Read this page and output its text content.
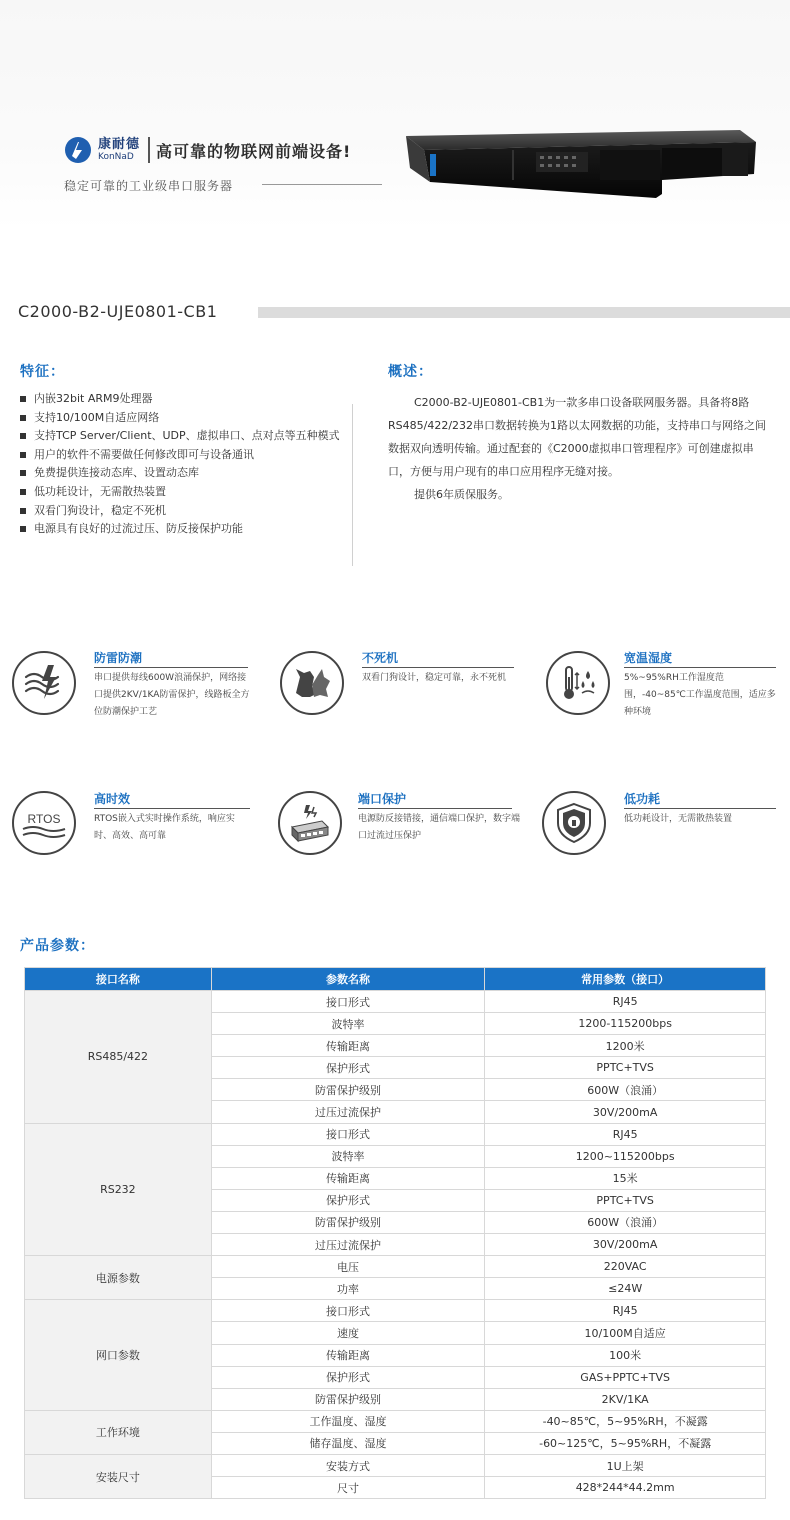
康耐德
KonNaD	高可靠的物联网前端设备!
稳定可靠的工业级串口服务器
C2000-B2-UJE0801-CB1
特征：
内嵌32bit ARM9处理器
支持10/100M自适应网络
支持TCP Server/Client、UDP、虚拟串口、点对点等五种模式
用户的软件不需要做任何修改即可与设备通讯
免费提供连接动态库、设置动态库
低功耗设计，无需散热装置
双看门狗设计，稳定不死机
电源具有良好的过流过压、防反接保护功能
概述：

C2000-B2-UJE0801-CB1为一款多串口设备联网服务器。具备将8路RS485/422/232串口数据转换为1路以太网数据的功能，支持串口与网络之间数据双向透明传输。通过配套的《C2000虚拟串口管理程序》可创建虚拟串口，方便与用户现有的串口应用程序无缝对接。

提供6年质保服务。

防雷防潮
串口提供每线600W浪涌保护，网络接口提供2KV/1KA防雷保护，线路板全方位防潮保护工艺
不死机
双看门狗设计，稳定可靠，永不死机
宽温湿度
5%~95%RH工作湿度范围，-40~85℃工作温度范围，适应多种环境
RTOS
高时效
RTOS嵌入式实时操作系统，响应实时、高效、高可靠
端口保护
电源防反接错接，通信端口保护，数字端口过流过压保护
低功耗
低功耗设计，无需散热装置
产品参数：
接口名称	参数名称	常用参数（接口）
RS485/422	接口形式	RJ45
	波特率	1200-115200bps
	传输距离	1200米
	保护形式	PPTC+TVS
	防雷保护级别	600W（浪涌）
	过压过流保护	30V/200mA
RS232	接口形式	RJ45
	波特率	1200~115200bps
	传输距离	15米
	保护形式	PPTC+TVS
	防雷保护级别	600W（浪涌）
	过压过流保护	30V/200mA
电源参数	电压	220VAC
	功率	≤24W
网口参数	接口形式	RJ45
	速度	10/100M自适应
	传输距离	100米
	保护形式	GAS+PPTC+TVS
	防雷保护级别	2KV/1KA
工作环境	工作温度、湿度	-40~85℃，5~95%RH，不凝露
	储存温度、湿度	-60~125℃，5~95%RH，不凝露
安装尺寸	安装方式	1U上架
	尺寸	428*244*44.2mm
